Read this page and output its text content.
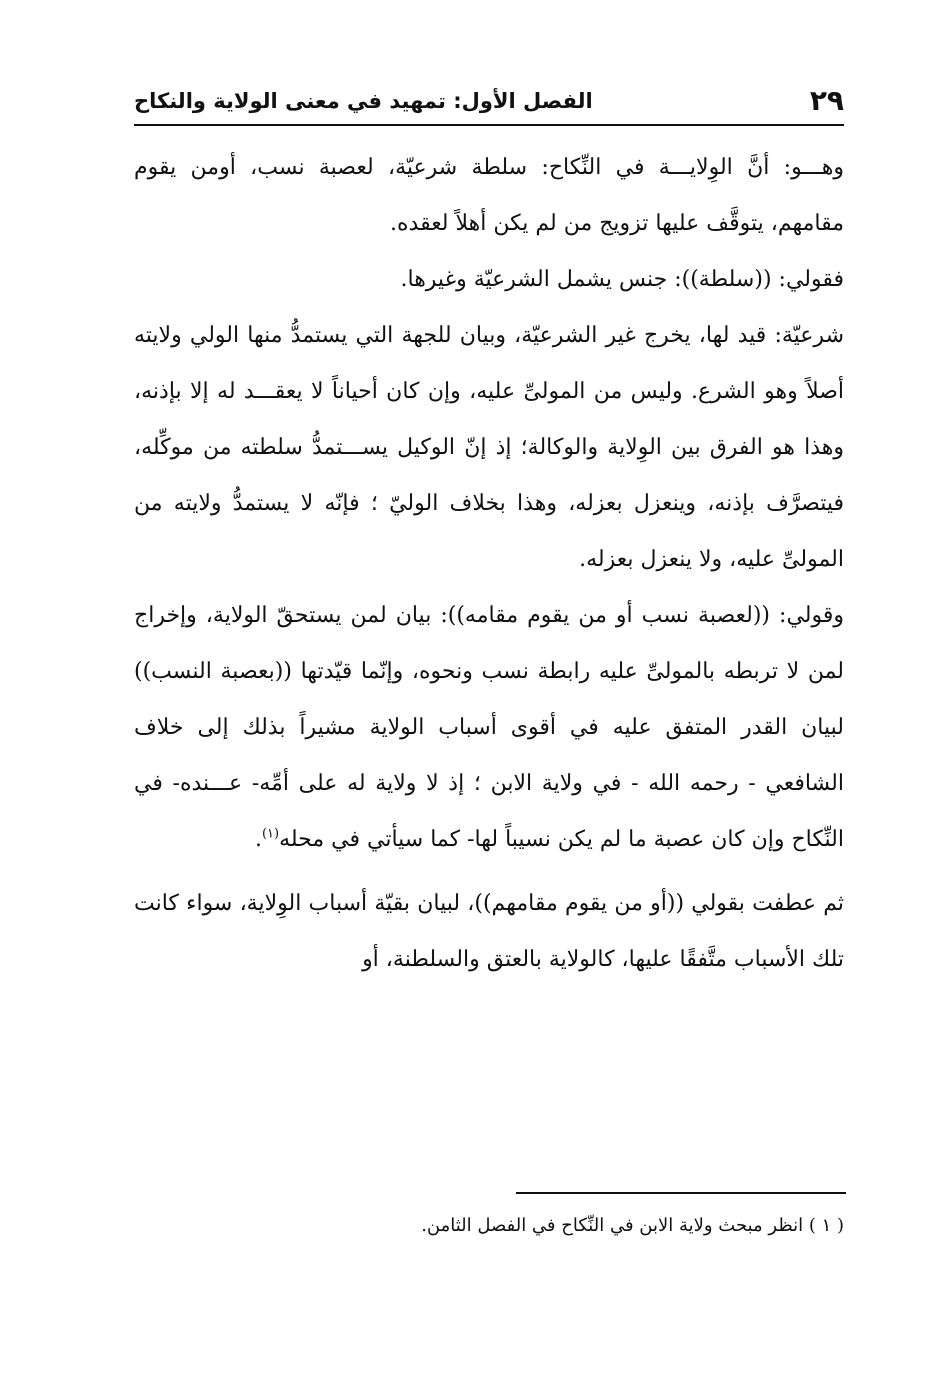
٢٩
الفصل الأول: تمهيد في معنى الولاية والنكاح

وهـــو: أنَّ الوِلايـــة في النِّكاح: سلطة شرعيّة، لعصبة نسب، أومن يقوم مقامهم، يتوقَّف عليها تزويج من لم يكن أهلاً لعقده.

فقولي: ((سلطة)): جنس يشمل الشرعيّة وغيرها.

شرعيّة: قيد لها، يخرج غير الشرعيّة، وبيان للجهة التي يستمدُّ منها الولي ولايته أصلاً وهو الشرع. وليس من المولىِّ عليه، وإن كان أحياناً لا يعقـــد له إلا بإذنه، وهذا هو الفرق بين الوِلاية والوكالة؛ إذ إنّ الوكيل يســـتمدُّ سلطته من موكِّله، فيتصرَّف بإذنه، وينعزل بعزله، وهذا بخلاف الوليّ ؛ فإنّه لا يستمدُّ ولايته من المولىِّ عليه، ولا ينعزل بعزله.

وقولي: ((لعصبة نسب أو من يقوم مقامه)): بيان لمن يستحقّ الولاية، وإخراج لمن لا تربطه بالمولىِّ عليه رابطة نسب ونحوه، وإنّما قيّدتها ((بعصبة النسب)) لبيان القدر المتفق عليه في أقوى أسباب الولاية مشيراً بذلك إلى خلاف الشافعي - رحمه الله - في ولاية الابن ؛ إذ لا ولاية له على أمِّه- عـــنده- في النِّكاح وإن كان عصبة ما لم يكن نسيباً لها- كما سيأتي في محله$^{(١)}$.

ثم عطفت بقولي ((أو من يقوم مقامهم))، لبيان بقيّة أسباب الوِلاية، سواء كانت تلك الأسباب متَّفقًا عليها، كالولاية بالعتق والسلطنة، أو

( ١ ) انظر مبحث ولاية الابن في النِّكاح في الفصل الثامن.
